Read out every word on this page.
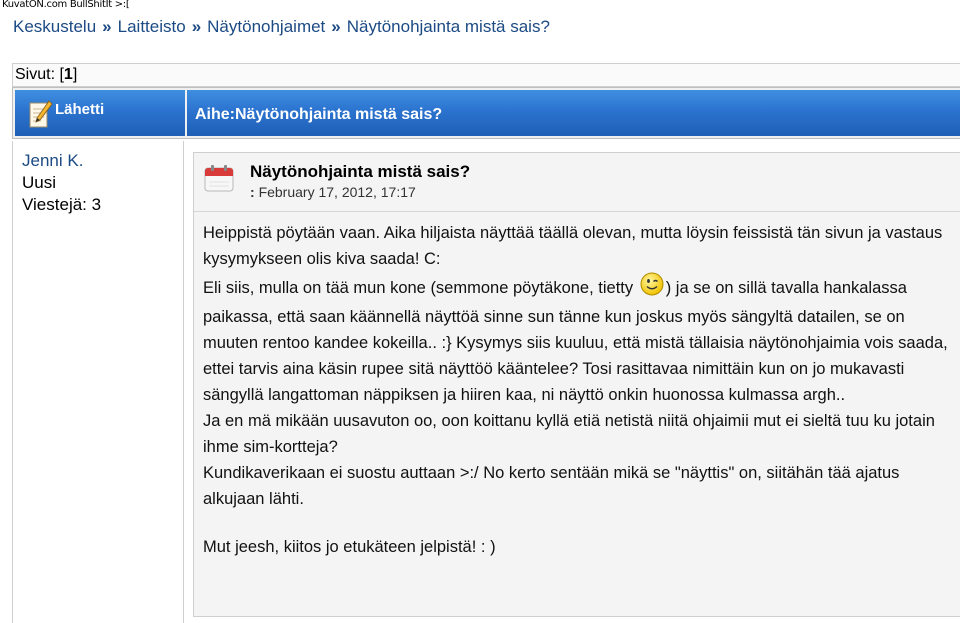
KuvatON.com BullShitIt >:[
Keskustelu » Laitteisto » Näytönohjaimet » Näytönohjainta mistä sais?
Sivut: [1]
Lähetti	Aihe:Näytönohjainta mistä sais?
Jenni K.
Uusi
Viestejä: 3
Näytönohjainta mistä sais?
: February 17, 2012, 17:17

Heippistä pöytään vaan. Aika hiljaista näyttää täällä olevan, mutta löysin feissistä tän sivun ja vastaus kysymykseen olis kiva saada! C:

Eli siis, mulla on tää mun kone (semmone pöytäkone, tietty ) ja se on sillä tavalla hankalassa paikassa, että saan käännellä näyttöä sinne sun tänne kun joskus myös sängyltä datailen, se on muuten rentoo kandee kokeilla.. :} Kysymys siis kuuluu, että mistä tällaisia näytönohjaimia vois saada, ettei tarvis aina käsin rupee sitä näyttöö kääntelee? Tosi rasittavaa nimittäin kun on jo mukavasti sängyllä langattoman näppiksen ja hiiren kaa, ni näyttö onkin huonossa kulmassa argh..

Ja en mä mikään uusavuton oo, oon koittanu kyllä etiä netistä niitä ohjaimii mut ei sieltä tuu ku jotain ihme sim-kortteja?

Kundikaverikaan ei suostu auttaan >:/ No kerto sentään mikä se "näyttis" on, siitähän tää ajatus alkujaan lähti.

Mut jeesh, kiitos jo etukäteen jelpistä! : )
